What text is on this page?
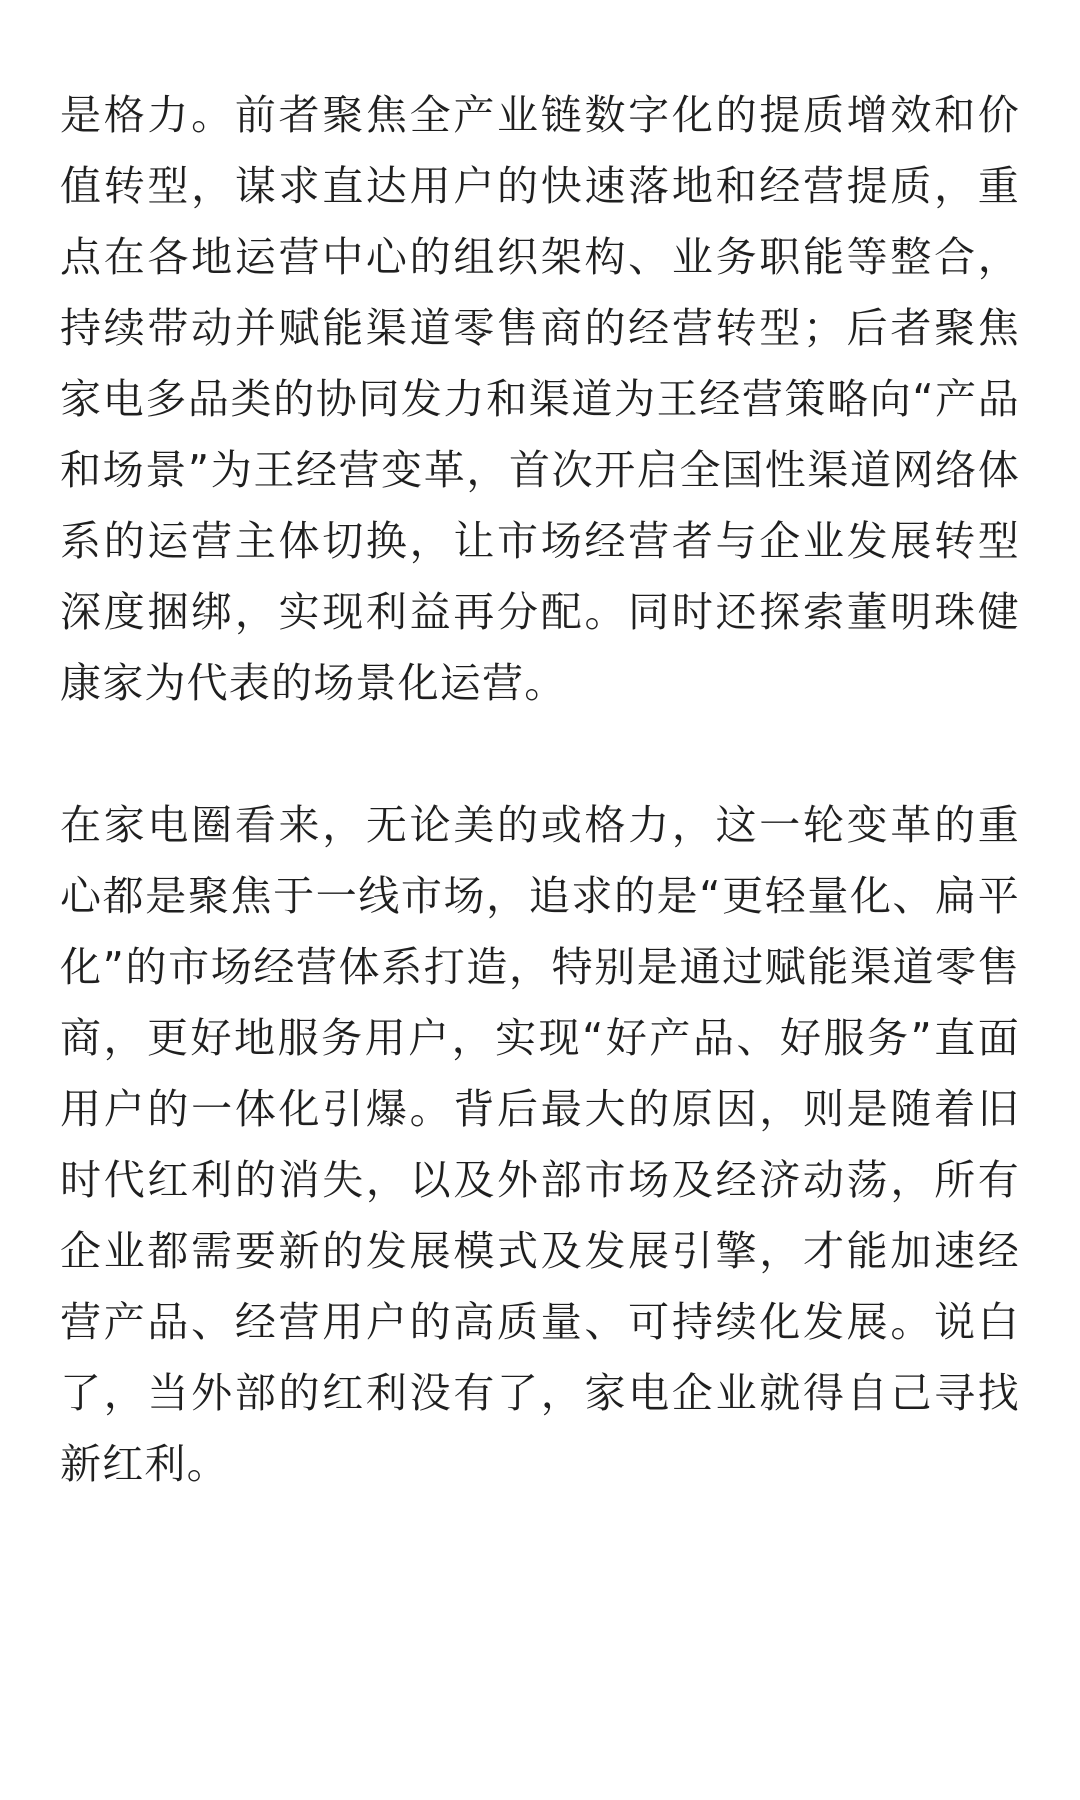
是格力。前者聚焦全产业链数字化的提质增效和价值转型，谋求直达用户的快速落地和经营提质，重点在各地运营中心的组织架构、业务职能等整合，持续带动并赋能渠道零售商的经营转型；后者聚焦家电多品类的协同发力和渠道为王经营策略向“产品和场景”为王经营变革，首次开启全国性渠道网络体系的运营主体切换，让市场经营者与企业发展转型深度捆绑，实现利益再分配。同时还探索董明珠健康家为代表的场景化运营。

在家电圈看来，无论美的或格力，这一轮变革的重心都是聚焦于一线市场，追求的是“更轻量化、扁平化”的市场经营体系打造，特别是通过赋能渠道零售商，更好地服务用户，实现“好产品、好服务”直面用户的一体化引爆。背后最大的原因，则是随着旧时代红利的消失，以及外部市场及经济动荡，所有企业都需要新的发展模式及发展引擎，才能加速经营产品、经营用户的高质量、可持续化发展。说白了，当外部的红利没有了，家电企业就得自己寻找新红利。
